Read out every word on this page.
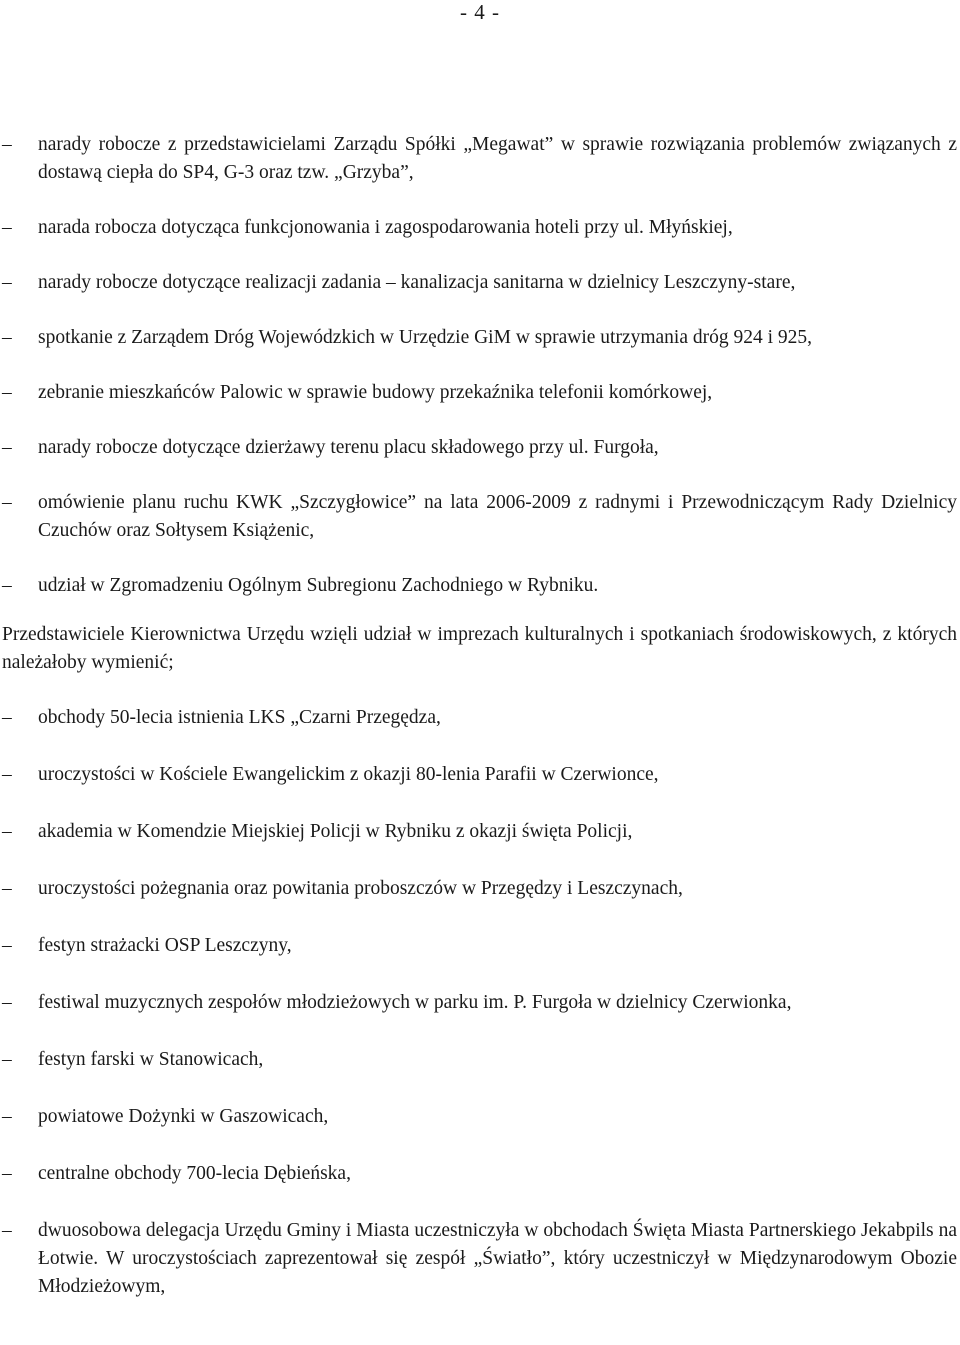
- 4 -
– narady robocze z przedstawicielami Zarządu Spółki „Megawat” w sprawie rozwiązania problemów związanych z dostawą ciepła do SP4, G-3 oraz tzw. „Grzyba”,
– narada robocza dotycząca funkcjonowania i zagospodarowania hoteli przy ul. Młyńskiej,
– narady robocze dotyczące realizacji zadania – kanalizacja sanitarna w dzielnicy Leszczyny-stare,
– spotkanie z Zarządem Dróg Wojewódzkich w Urzędzie GiM w sprawie utrzymania dróg 924 i 925,
– zebranie mieszkańców Palowic w sprawie budowy przekaźnika telefonii komórkowej,
– narady robocze dotyczące dzierżawy terenu placu składowego przy ul. Furgoła,
– omówienie planu ruchu KWK „Szczygłowice” na lata 2006-2009 z radnymi i Przewodniczącym Rady Dzielnicy Czuchów oraz Sołtysem Książenic,
– udział w Zgromadzeniu Ogólnym Subregionu Zachodniego w Rybniku.
Przedstawiciele Kierownictwa Urzędu wzięli udział w imprezach kulturalnych i spotkaniach środowiskowych, z których należałoby wymienić;
– obchody 50-lecia istnienia LKS „Czarni Przegędza,
– uroczystości w Kościele Ewangelickim z okazji 80-lenia Parafii w Czerwionce,
– akademia w Komendzie Miejskiej Policji w Rybniku z okazji święta Policji,
– uroczystości pożegnania oraz powitania proboszczów w Przegędzy i Leszczynach,
– festyn strażacki OSP Leszczyny,
– festiwal muzycznych zespołów młodzieżowych w parku im. P. Furgoła w dzielnicy Czerwionka,
– festyn farski w Stanowicach,
– powiatowe Dożynki w Gaszowicach,
– centralne obchody 700-lecia Dębieńska,
– dwuosobowa delegacja Urzędu Gminy i Miasta uczestniczyła w obchodach Święta Miasta Partnerskiego Jekabpils na Łotwie. W uroczystościach zaprezentował się zespół „Światło”, który uczestniczył w Międzynarodowym Obozie Młodzieżowym,
